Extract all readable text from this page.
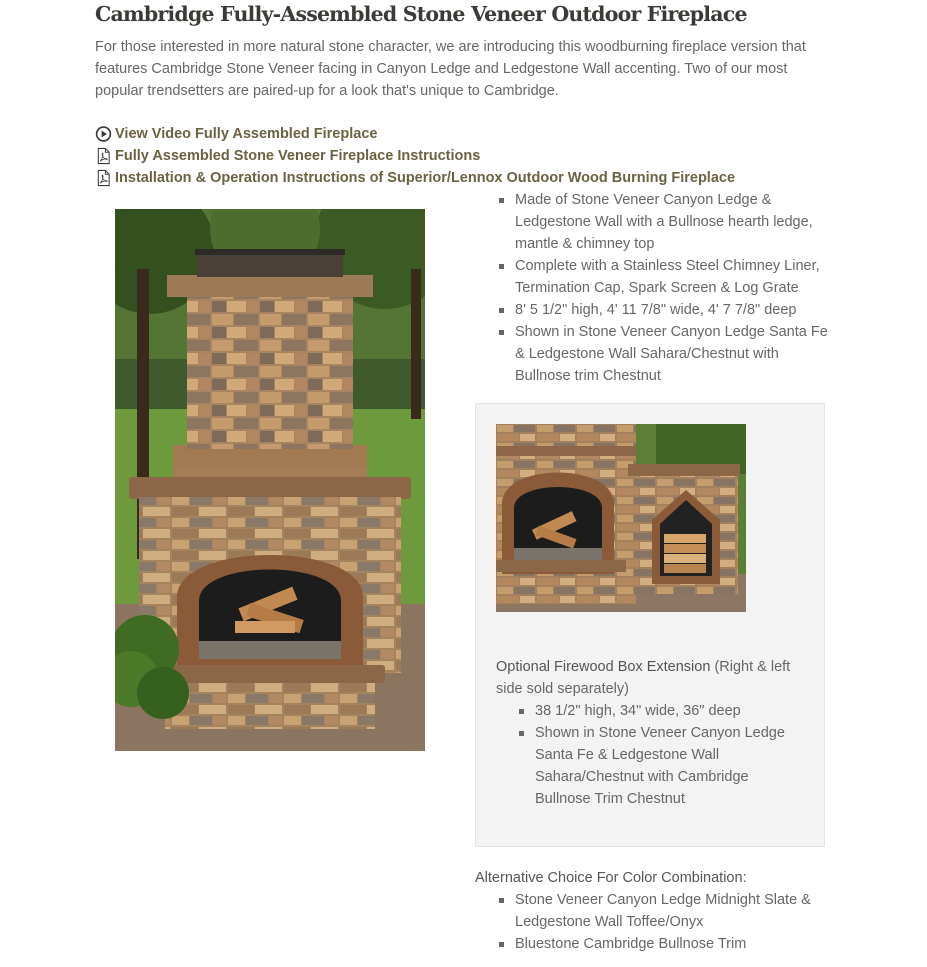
Cambridge Fully-Assembled Stone Veneer Outdoor Fireplace

For those interested in more natural stone character, we are introducing this woodburning fireplace version that features Cambridge Stone Veneer facing in Canyon Ledge and Ledgestone Wall accenting. Two of our most popular trendsetters are paired-up for a look that's unique to Cambridge.

View Video Fully Assembled Fireplace
Fully Assembled Stone Veneer Fireplace Instructions
Installation & Operation Instructions of Superior/Lennox Outdoor Wood Burning Fireplace
Made of Stone Veneer Canyon Ledge & Ledgestone Wall with a Bullnose hearth ledge, mantle & chimney top
Complete with a Stainless Steel Chimney Liner, Termination Cap, Spark Screen & Log Grate
8' 5 1/2" high, 4' 11 7/8" wide, 4' 7 7/8" deep
Shown in Stone Veneer Canyon Ledge Santa Fe & Ledgestone Wall Sahara/Chestnut with Bullnose trim Chestnut

Optional Firewood Box Extension (Right & left side sold separately)

38 1/2" high, 34" wide, 36" deep
Shown in Stone Veneer Canyon Ledge Santa Fe & Ledgestone Wall Sahara/Chestnut with Cambridge Bullnose Trim Chestnut

Alternative Choice For Color Combination:

Stone Veneer Canyon Ledge Midnight Slate & Ledgestone Wall Toffee/Onyx
Bluestone Cambridge Bullnose Trim
